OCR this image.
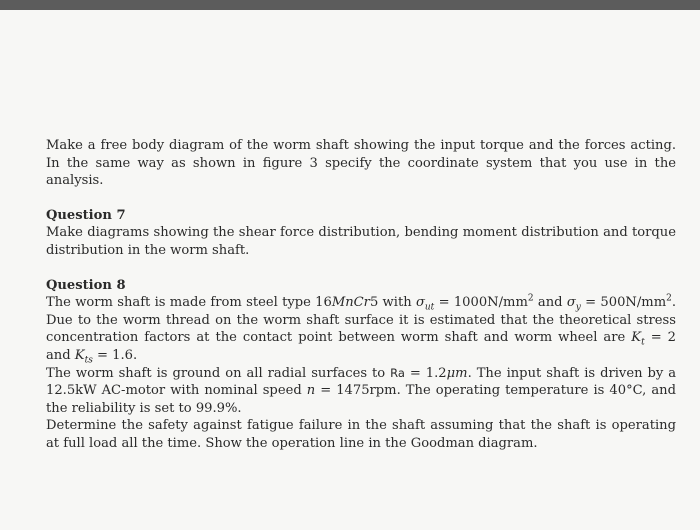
Make a free body diagram of the worm shaft showing the input torque and the forces acting. In the same way as shown in figure 3 specify the coordinate system that you use in the analysis.

Question 7

Make diagrams showing the shear force distribution, bending moment distribution and torque distribution in the worm shaft.

Question 8

The worm shaft is made from steel type 16MnCr5 with $\sigma_{ut} = 1000N/mm^2$ and $\sigma_y = 500N/mm^2$. Due to the worm thread on the worm shaft surface it is estimated that the theoretical stress concentration factors at the contact point between worm shaft and worm wheel are $K_t = 2$ and $K_{ts} = 1.6$.

The worm shaft is ground on all radial surfaces to Ra = 1.2μm. The input shaft is driven by a 12.5kW AC-motor with nominal speed n = 1475rpm. The operating temperature is 40°C, and the reliability is set to 99.9%.

Determine the safety against fatigue failure in the shaft assuming that the shaft is operating at full load all the time. Show the operation line in the Goodman diagram.
